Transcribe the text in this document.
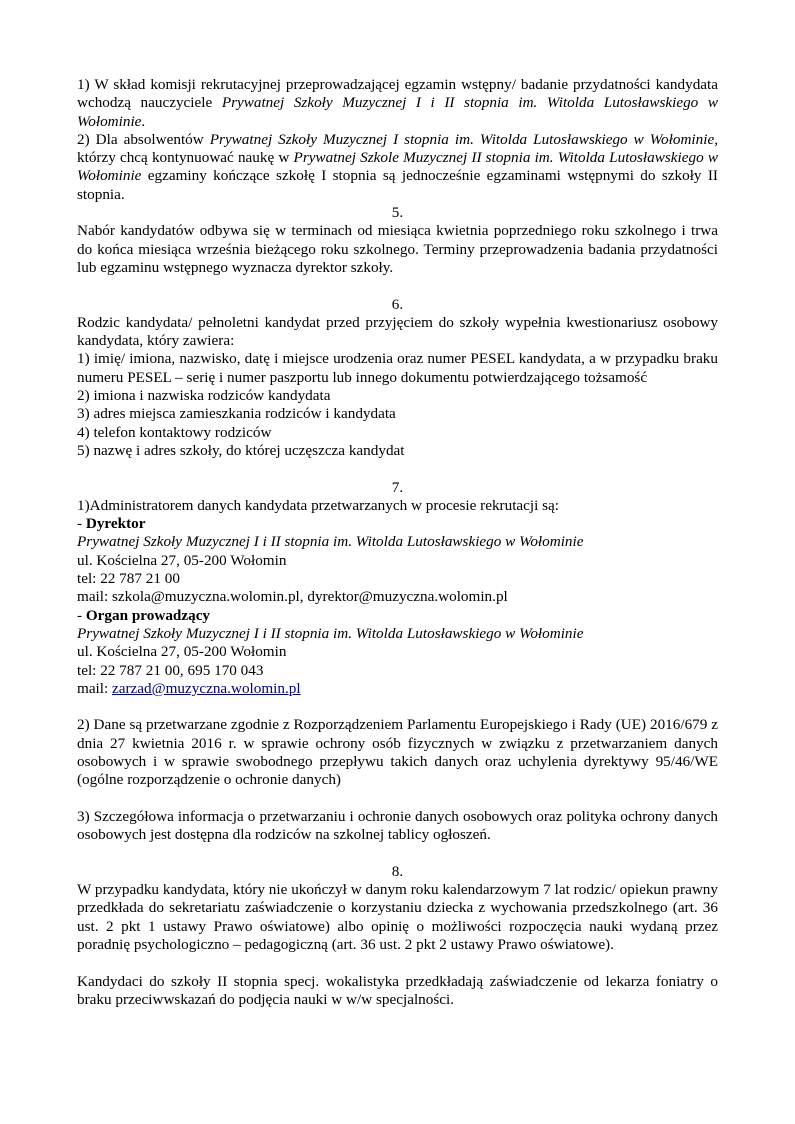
1) W skład komisji rekrutacyjnej przeprowadzającej egzamin wstępny/ badanie przydatności kandydata wchodzą nauczyciele Prywatnej Szkoły Muzycznej I i II stopnia im. Witolda Lutosławskiego w Wołominie.

2) Dla absolwentów Prywatnej Szkoły Muzycznej I stopnia im. Witolda Lutosławskiego w Wołominie, którzy chcą kontynuować naukę w Prywatnej Szkole Muzycznej II stopnia im. Witolda Lutosławskiego w Wołominie egzaminy kończące szkołę I stopnia są jednocześnie egzaminami wstępnymi do szkoły II stopnia.

5.

Nabór kandydatów odbywa się w terminach od miesiąca kwietnia poprzedniego roku szkolnego i trwa do końca miesiąca września bieżącego roku szkolnego. Terminy przeprowadzenia badania przydatności lub egzaminu wstępnego wyznacza dyrektor szkoły.

6.

Rodzic kandydata/ pełnoletni kandydat przed przyjęciem do szkoły wypełnia kwestionariusz osobowy kandydata, który zawiera:

1) imię/ imiona, nazwisko, datę i miejsce urodzenia oraz numer PESEL kandydata, a w przypadku braku numeru PESEL – serię i numer paszportu lub innego dokumentu potwierdzającego tożsamość

2) imiona i nazwiska rodziców kandydata

3) adres miejsca zamieszkania rodziców i kandydata

4) telefon kontaktowy rodziców

5) nazwę i adres szkoły, do której uczęszcza kandydat

7.

1)Administratorem danych kandydata przetwarzanych w procesie rekrutacji są:

- Dyrektor

Prywatnej Szkoły Muzycznej I i II stopnia im. Witolda Lutosławskiego w Wołominie

ul. Kościelna 27, 05-200 Wołomin

tel: 22 787 21 00

mail: szkola@muzyczna.wolomin.pl, dyrektor@muzyczna.wolomin.pl

- Organ prowadzący

Prywatnej Szkoły Muzycznej I i II stopnia im. Witolda Lutosławskiego w Wołominie

ul. Kościelna 27, 05-200 Wołomin

tel: 22 787 21 00, 695 170 043

mail: zarzad@muzyczna.wolomin.pl

2) Dane są przetwarzane zgodnie z Rozporządzeniem Parlamentu Europejskiego i Rady (UE) 2016/679 z dnia 27 kwietnia 2016 r. w sprawie ochrony osób fizycznych w związku z przetwarzaniem danych osobowych i w sprawie swobodnego przepływu takich danych oraz uchylenia dyrektywy 95/46/WE (ogólne rozporządzenie o ochronie danych)

3) Szczegółowa informacja o przetwarzaniu i ochronie danych osobowych oraz polityka ochrony danych osobowych jest dostępna dla rodziców na szkolnej tablicy ogłoszeń.

8.

W przypadku kandydata, który nie ukończył w danym roku kalendarzowym 7 lat rodzic/ opiekun prawny przedkłada do sekretariatu zaświadczenie o korzystaniu dziecka z wychowania przedszkolnego (art. 36 ust. 2 pkt 1 ustawy Prawo oświatowe) albo opinię o możliwości rozpoczęcia nauki wydaną przez poradnię psychologiczno – pedagogiczną (art. 36 ust. 2 pkt 2 ustawy Prawo oświatowe).

Kandydaci do szkoły II stopnia specj. wokalistyka przedkładają zaświadczenie od lekarza foniatry o braku przeciwwskazań do podjęcia nauki w w/w specjalności.
